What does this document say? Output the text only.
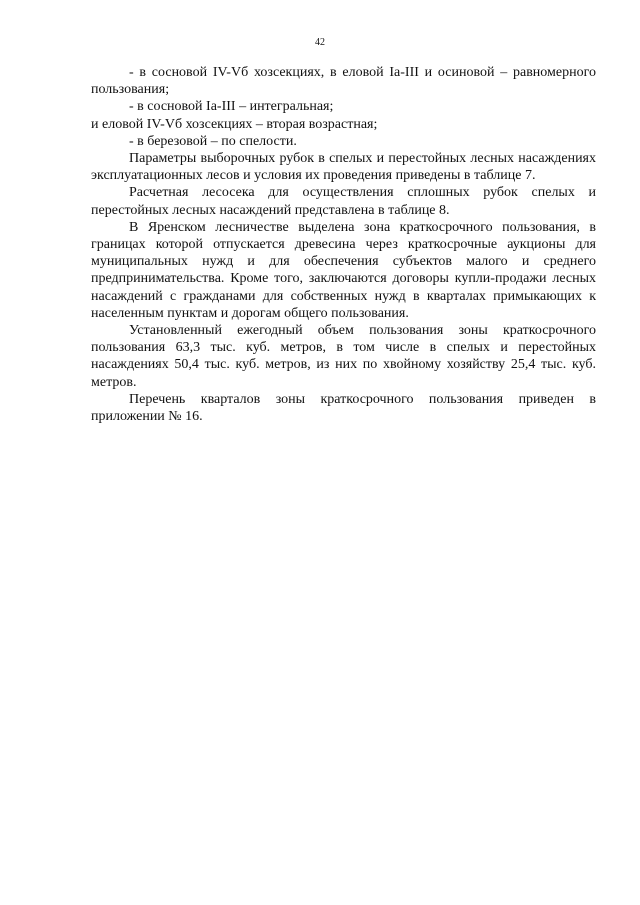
42

- в сосновой IV-Vб хозсекциях, в еловой Iа-III и осиновой – равномерного пользования;

- в сосновой Iа-III – интегральная;

и еловой IV-Vб хозсекциях – вторая возрастная;

- в березовой – по спелости.

Параметры выборочных рубок в спелых и перестойных лесных насаждениях эксплуатационных лесов и условия их проведения приведены в таблице 7.

Расчетная лесосека для осуществления сплошных рубок спелых и перестойных лесных насаждений представлена в таблице 8.

В Яренском лесничестве выделена зона краткосрочного пользования, в границах которой отпускается древесина через краткосрочные аукционы для муниципальных нужд и для обеспечения субъектов малого и среднего предпринимательства. Кроме того, заключаются договоры купли-продажи лесных насаждений с гражданами для собственных нужд в кварталах примыкающих к населенным пунктам и дорогам общего пользования.

Установленный ежегодный объем пользования зоны краткосрочного пользования 63,3 тыс. куб. метров, в том числе в спелых и перестойных насаждениях 50,4 тыс. куб. метров, из них по хвойному хозяйству 25,4 тыс. куб. метров.

Перечень кварталов зоны краткосрочного пользования приведен в приложении № 16.
